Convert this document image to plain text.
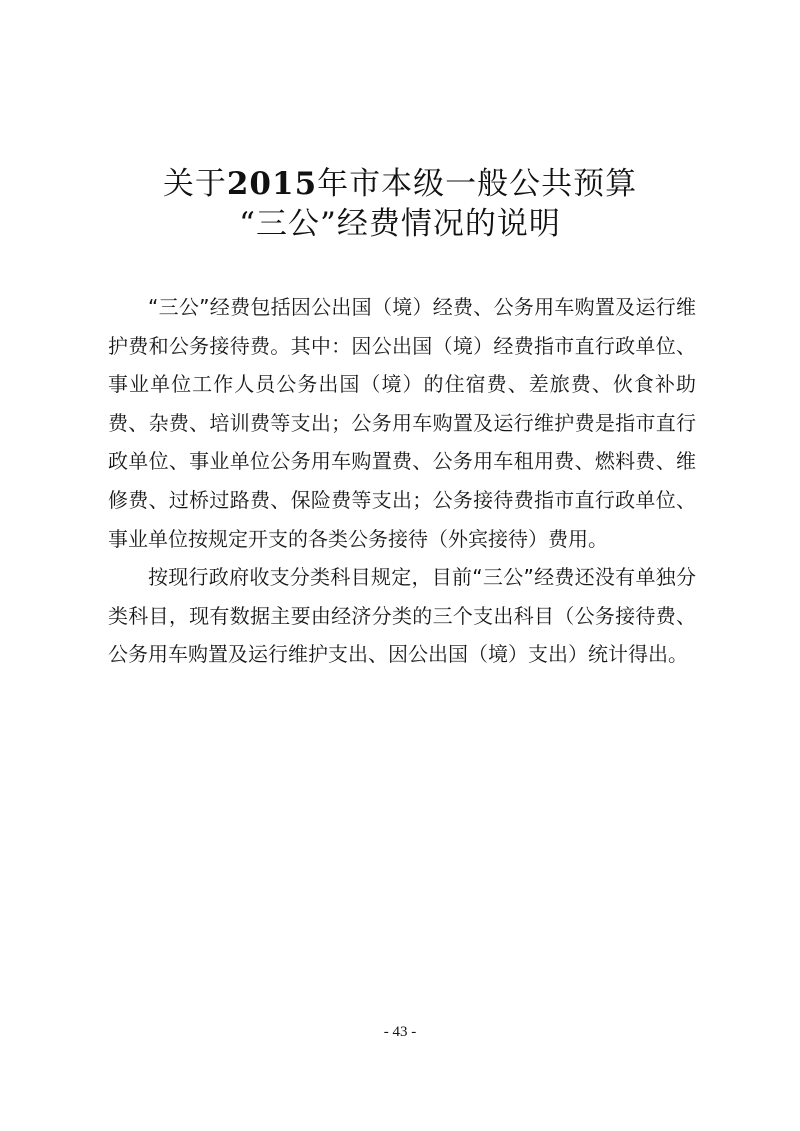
关于2015年市本级一般公共预算
“三公”经费情况的说明

“三公”经费包括因公出国（境）经费、公务用车购置及运行维护费和公务接待费。其中：因公出国（境）经费指市直行政单位、事业单位工作人员公务出国（境）的住宿费、差旅费、伙食补助费、杂费、培训费等支出；公务用车购置及运行维护费是指市直行政单位、事业单位公务用车购置费、公务用车租用费、燃料费、维修费、过桥过路费、保险费等支出；公务接待费指市直行政单位、事业单位按规定开支的各类公务接待（外宾接待）费用。

按现行政府收支分类科目规定，目前“三公”经费还没有单独分类科目，现有数据主要由经济分类的三个支出科目（公务接待费、公务用车购置及运行维护支出、因公出国（境）支出）统计得出。

- 43 -
